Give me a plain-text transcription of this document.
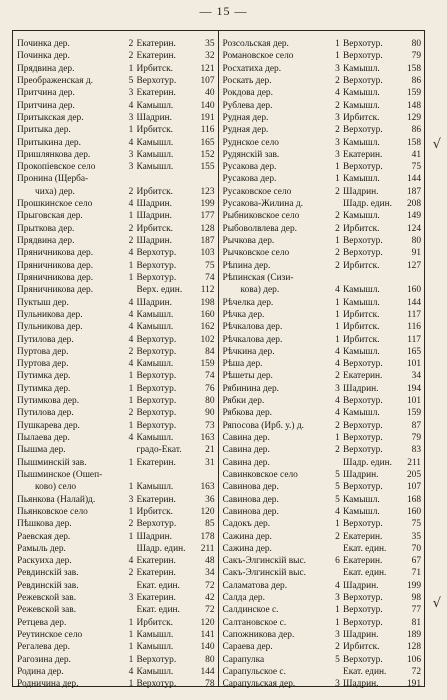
— 15 —
Починка дер.	2 Екатерин.	35
Починка дер.	2 Екатерин.	32
Прядвина дер.	1 Ирбитск.	121
Преображенская д.	5 Верхотур.	107
Притчина дер.	3 Екатерин.	40
Притчина дер.	4 Камышл.	140
Притыкская дер.	3 Шадрин.	191
Притыка дер.	1 Ирбитск.	116
Притыкина дер.	4 Камышл.	165
Пришлянкова дер.	3 Камышл.	152
Прокопiевское село	3 Камышл.	155
Пронина (Щерба-
чиха) дер.	2 Ирбитск.	123
Прошкинское село	4 Шадрин.	199
Прыговская дер.	1 Шадрин.	177
Прыткова дер.	2 Ирбитск.	128
Прядвина дер.	2 Шадрин.	187
Пряничникова дер.	4 Верхотур.	103
Пряничникова дер.	1 Верхотур.	75
Пряничникова дер.	1 Верхотур.	74
Пряничникова дер.	Верх. един.	112
Пуктыш дер.	4 Шадрин.	198
Пульникова дер.	4 Камышл.	160
Пульникова дер.	4 Камышл.	162
Путилова дер.	4 Верхотур.	102
Пуртова дер.	2 Верхотур.	84
Пуртова дер.	4 Камышл.	159
Путимка дер.	1 Верхотур.	74
Путимка дер.	1 Верхотур.	76
Путимкова дер.	1 Верхотур.	80
Путилова дер.	2 Верхотур.	90
Пушкарева дер.	1 Верхотур.	73
Пылаева дер.	4 Камышл.	163
Пышма дер.	градо-Екат.	21
Пышминскiй зав.	1 Екатерин.	31
Пышминское (Ошеп-
ково) село	1 Камышл.	163
Пьянкова (Налай)д.	3 Екатерин.	36
Пьянковское село	1 Ирбитск.	120
Пѣшкова дер.	2 Верхотур.	85
Раевская дер.	1 Шадрин.	178
Рамыль дер.	Шадр. един.	211
Раскуиха дер.	4 Екатерин.	48
Ревдинскiй зав.	2 Екатерин.	34
Ревдинскiй зав.	Екат. един.	72
Режевской зав.	3 Екатерин.	42
Режевской зав.	Екат. един.	72
Ретцева дер.	1 Ирбитск.	120
Реутинское село	1 Камышл.	141
Регалева дер.	1 Камышл.	140
Рагозина дер.	1 Верхотур.	80
Родина дер.	4 Камышл.	144
Родничина дер.	1 Верхотур.	78
Розсольская дер.	1 Верхотур.	80
Романовское село	1 Верхотур.	79
Росхатиха дер.	3 Камышл.	158
Роскать дер.	2 Верхотур.	86
Рокдова дер.	4 Камышл.	159
Рублева дер.	2 Камышл.	148
Рудная дер.	3 Ирбитск.	129
Рудная дер.	2 Верхотур.	86
Руднское село	3 Камышл.	158
Рудянскiй зав.	3 Екатерин.	41
Русакова дер.	1 Верхотур.	75
Русакова дер.	1 Камышл.	144
Русаковское село	2 Шадрин.	187
Русакова-Жилина д.	Шадр. един.	208
Рыбниковское село	2 Камышл.	149
Рыбоволвлева дер.	2 Ирбитск.	124
Рычкова дер.	1 Верхотур.	80
Рычковское село	2 Верхотур.	91
Рѣпина дер.	2 Ирбитск.	127
Рѣпинская (Сизи-
кова) дер.	4 Камышл.	160
Рѣчелка дер.	1 Камышл.	144
Рѣчка дер.	1 Ирбитск.	117
Рѣчкалова дер.	1 Ирбитск.	116
Рѣчкалова дер.	1 Ирбитск.	117
Рѣчкина дер.	4 Камышл.	165
Рѣша дер.	4 Верхотур.	101
Рѣшеты дер.	2 Екатерин.	34
Рябинина дер.	3 Шадрин.	194
Рябки дер.	4 Верхотур.	101
Рябкова дер.	4 Камышл.	159
Ряпосова (Ирб. у.) д.	2 Верхотур.	87
Савина дер.	1 Верхотур.	79
Савина дер.	2 Верхотур.	83
Савина дер.	Шадр. един.	211
Савинковское село	5 Шадрин.	205
Савинова дер.	5 Верхотур.	107
Савинова дер.	5 Камышл.	168
Савинова дер.	4 Камышл.	160
Садокъ дер.	1 Верхотур.	75
Сажина дер.	2 Екатерин.	35
Сажина дер.	Екат. един.	70
Сакъ-Элгинскiй выс.	6 Екатерин.	67
Сакъ-Элгинскiй выс.	Екат. един.	71
Саламатова дер.	4 Шадрин.	199
Салда дер.	3 Верхотур.	98
Салдинское с.	1 Верхотур.	77
Салтановское с.	1 Верхотур.	81
Сапожникова дер.	3 Шадрин.	189
Сараева дер.	2 Ирбитск.	128
Сарапулка	5 Верхотур.	106
Сарапульское с.	Екат. един.	72
Сарапульская дер.	3 Шадрин.	191
√
√
